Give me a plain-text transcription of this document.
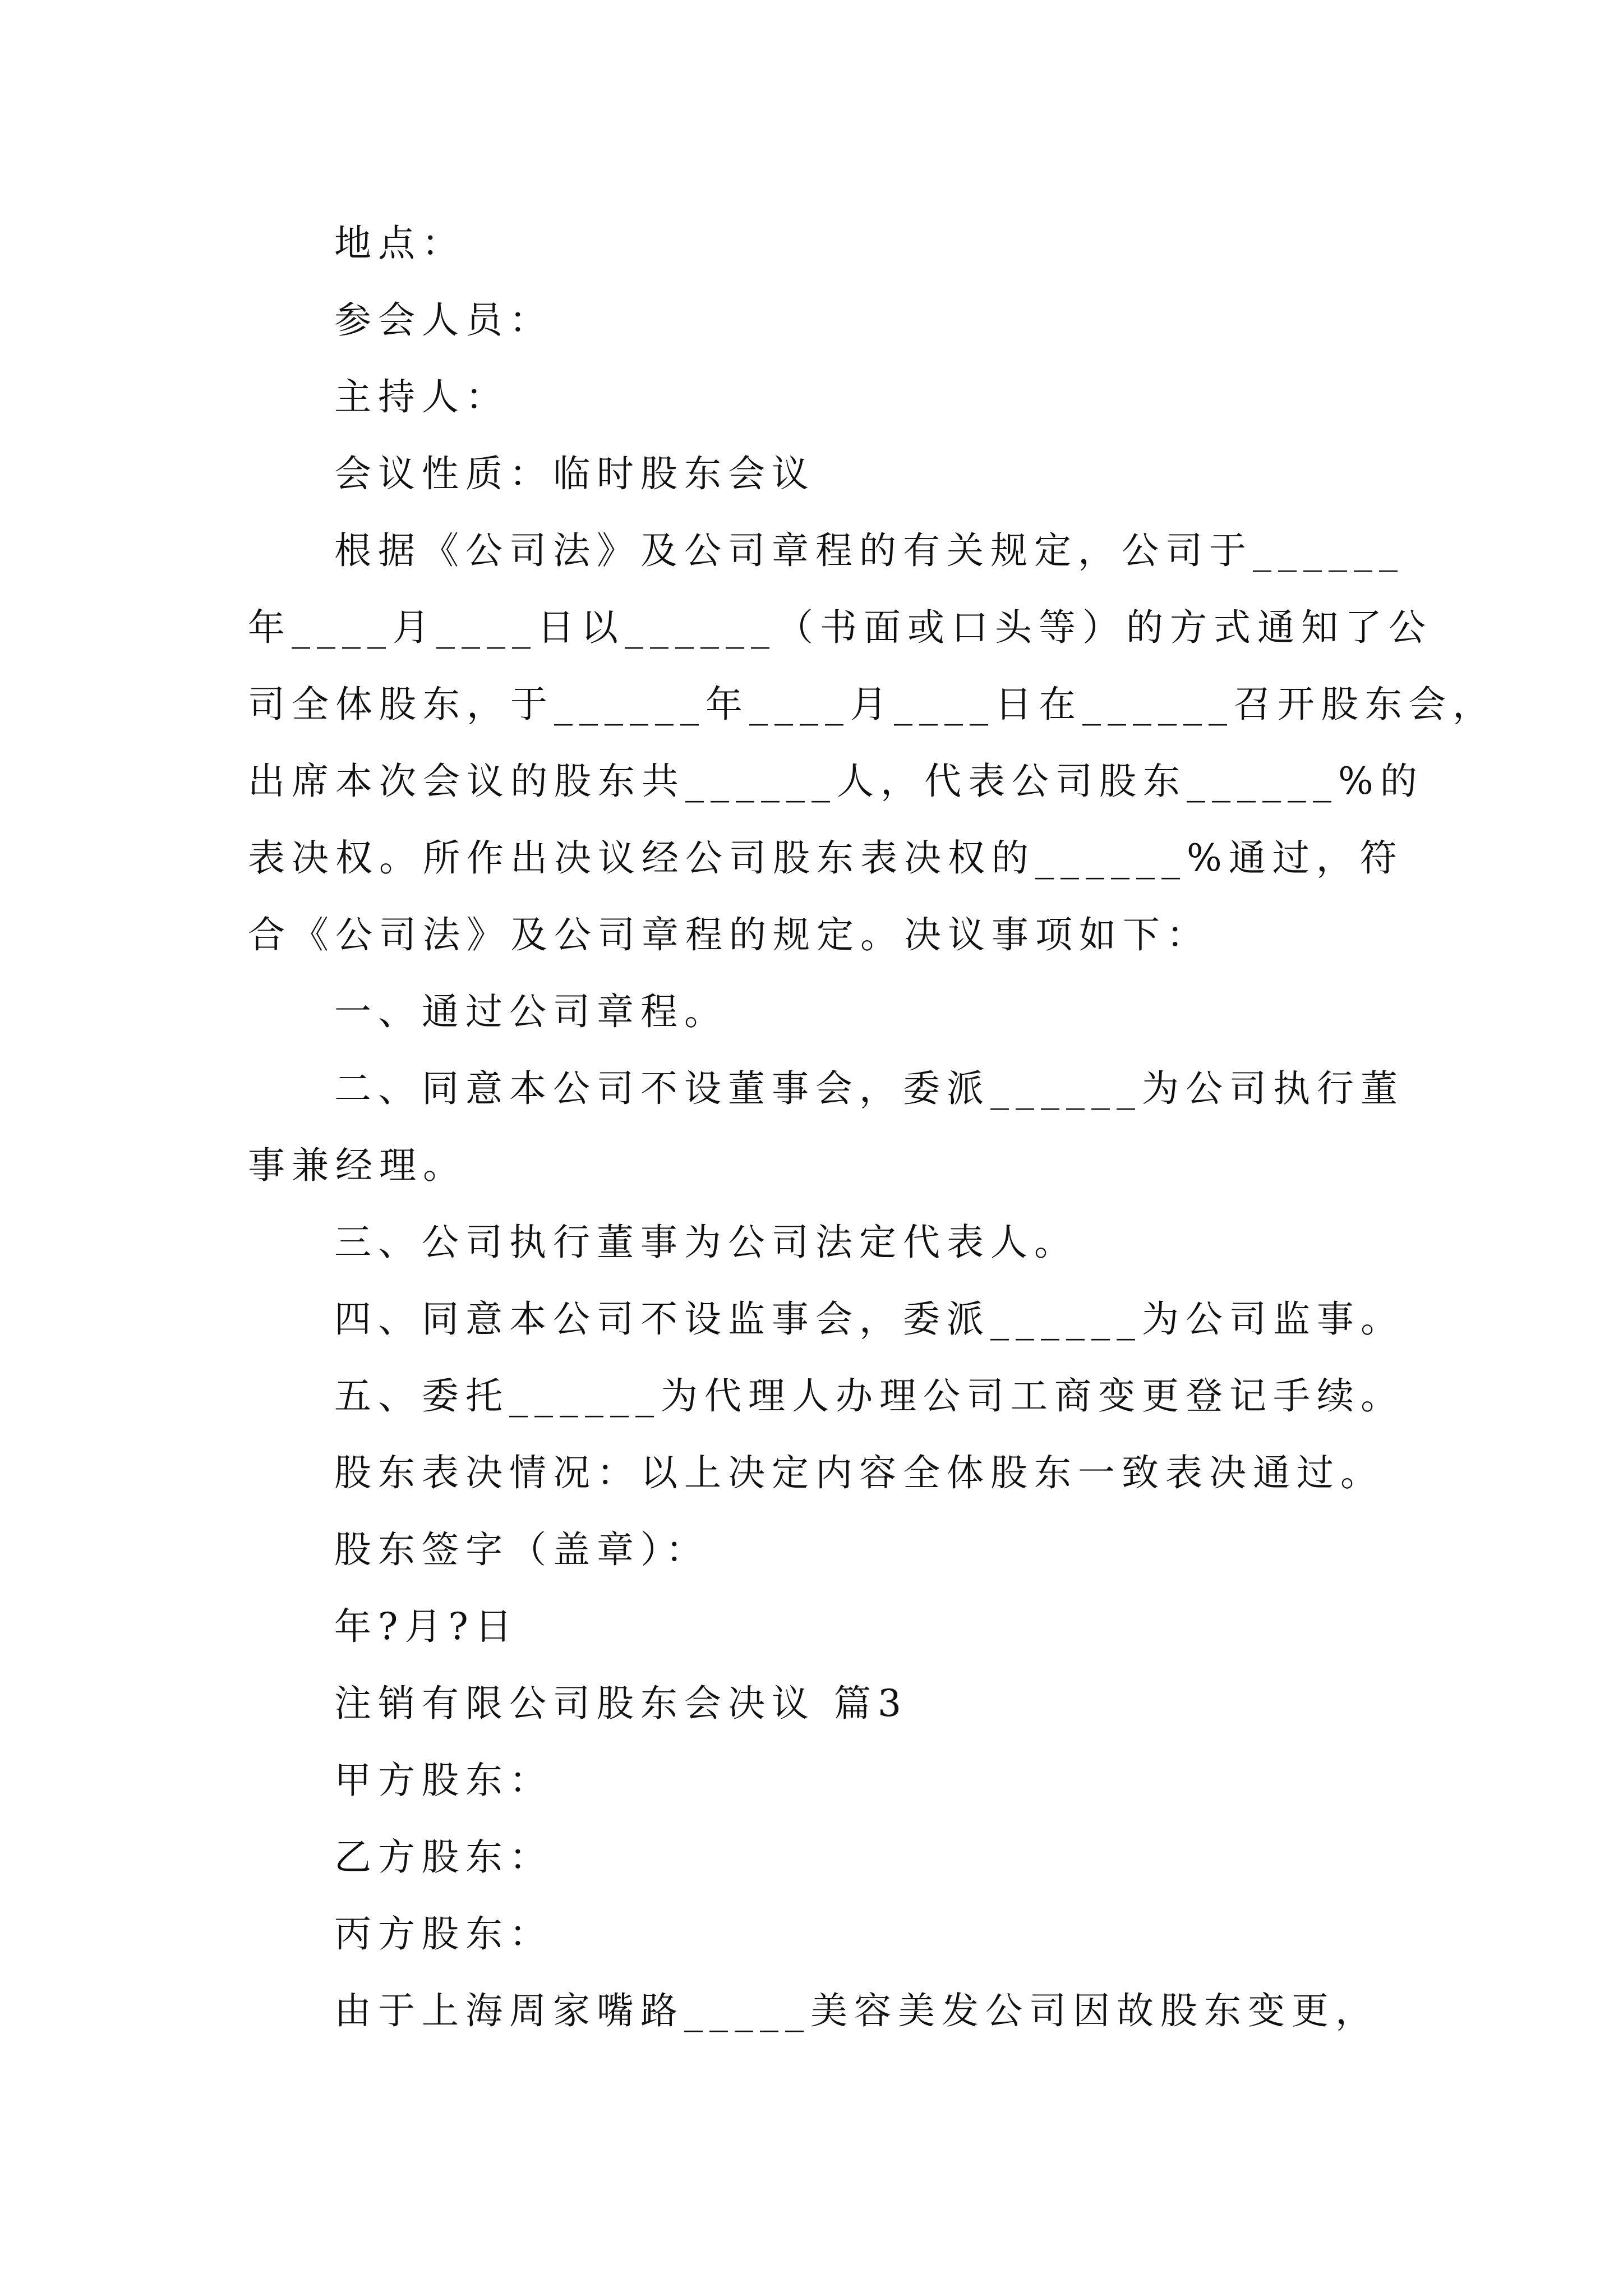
地点：
参会人员：
主持人：
会议性质：临时股东会议
根据《公司法》及公司章程的有关规定，公司于______
年____月____日以______（书面或口头等）的方式通知了公
司全体股东，于______年____月____日在______召开股东会，
出席本次会议的股东共______人，代表公司股东______%的
表决权。所作出决议经公司股东表决权的______%通过，符
合《公司法》及公司章程的规定。决议事项如下：
一、通过公司章程。
二、同意本公司不设董事会，委派______为公司执行董
事兼经理。
三、公司执行董事为公司法定代表人。
四、同意本公司不设监事会，委派______为公司监事。
五、委托______为代理人办理公司工商变更登记手续。
股东表决情况：以上决定内容全体股东一致表决通过。
股东签字（盖章）：
年?月?日
注销有限公司股东会决议 篇3
甲方股东：
乙方股东：
丙方股东：
由于上海周家嘴路_____美容美发公司因故股东变更，
